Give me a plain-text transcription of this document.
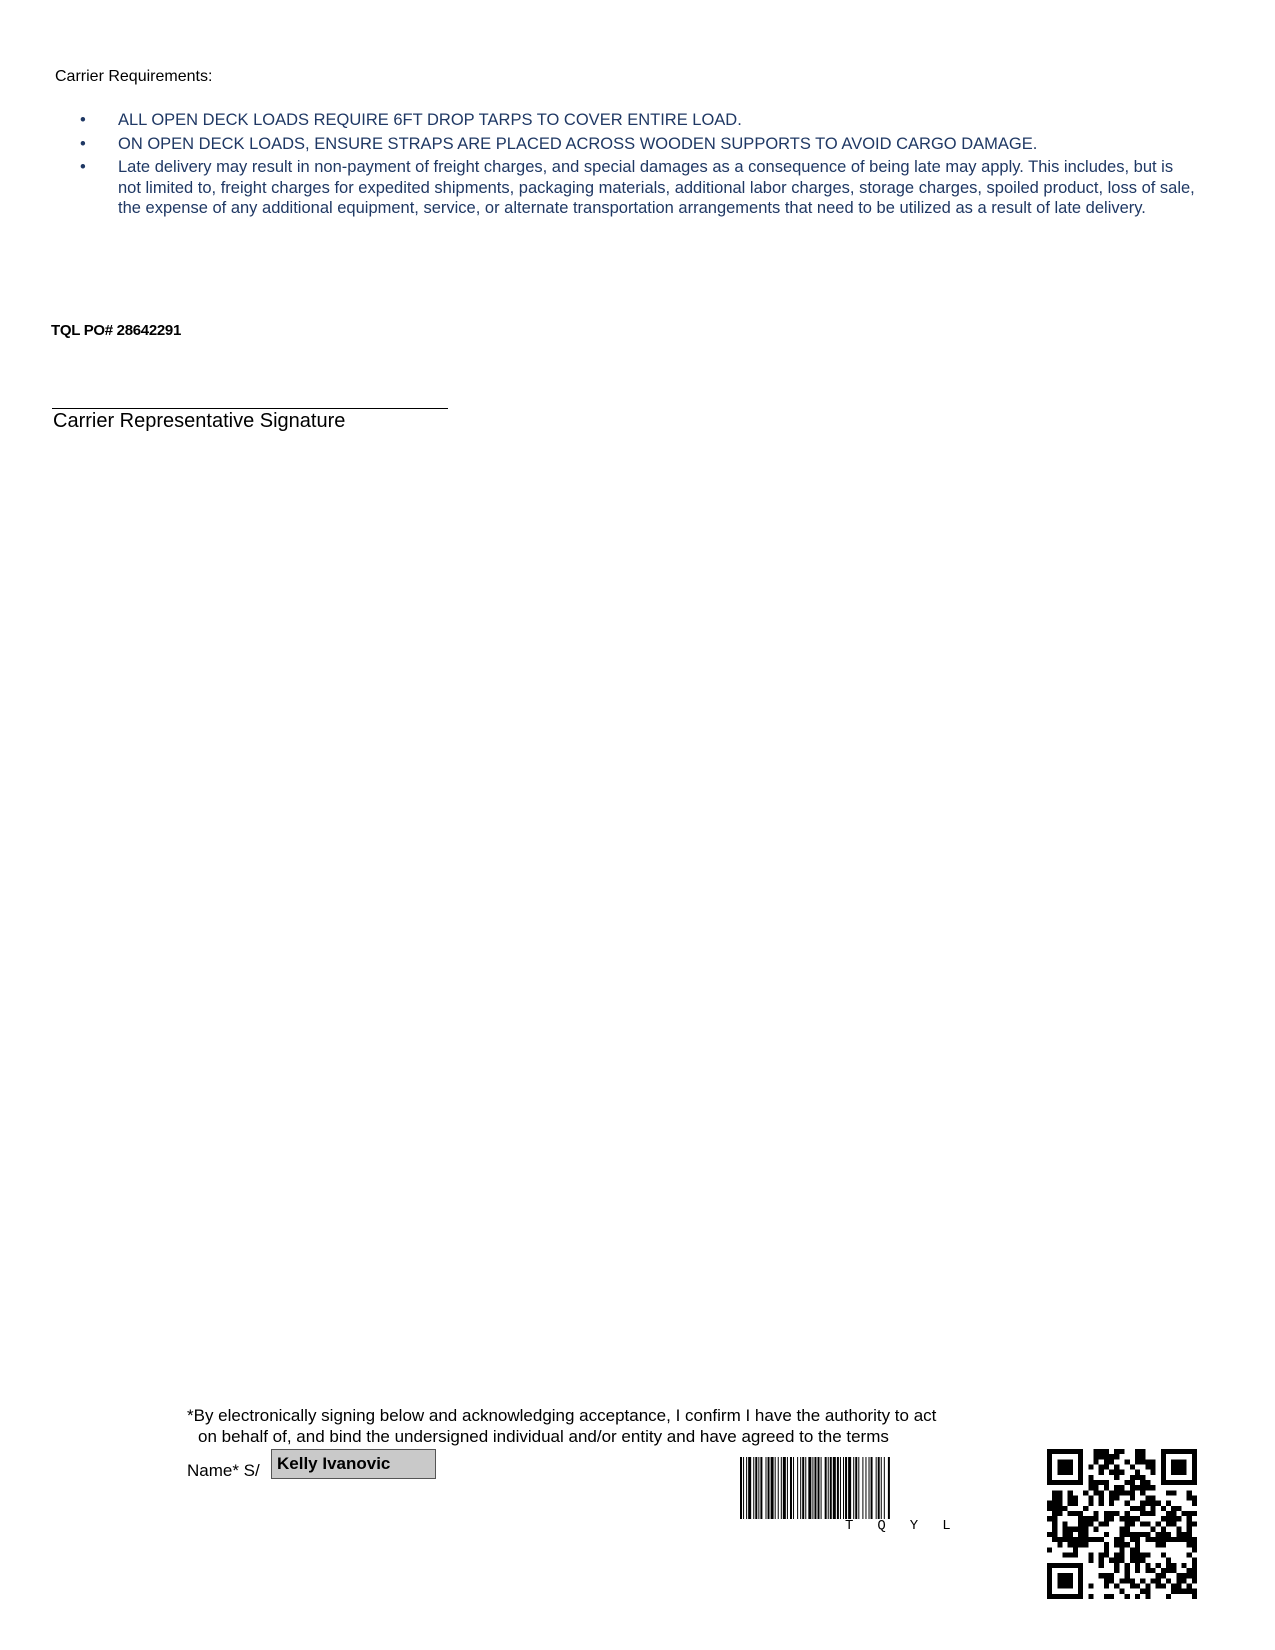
Carrier Requirements:
• ALL OPEN DECK LOADS REQUIRE 6FT DROP TARPS TO COVER ENTIRE LOAD.
• ON OPEN DECK LOADS, ENSURE STRAPS ARE PLACED ACROSS WOODEN SUPPORTS TO AVOID CARGO DAMAGE.
• Late delivery may result in non-payment of freight charges, and special damages as a consequence of being late may apply. This includes, but is not limited to, freight charges for expedited shipments, packaging materials, additional labor charges, storage charges, spoiled product, loss of sale, the expense of any additional equipment, service, or alternate transportation arrangements that need to be utilized as a result of late delivery.
TQL PO# 28642291
Carrier Representative Signature
*By electronically signing below and acknowledging acceptance, I confirm I have the authority to act
on behalf of, and bind the undersigned individual and/or entity and have agreed to the terms
Name* S/	Kelly Ivanovic
TQYL
